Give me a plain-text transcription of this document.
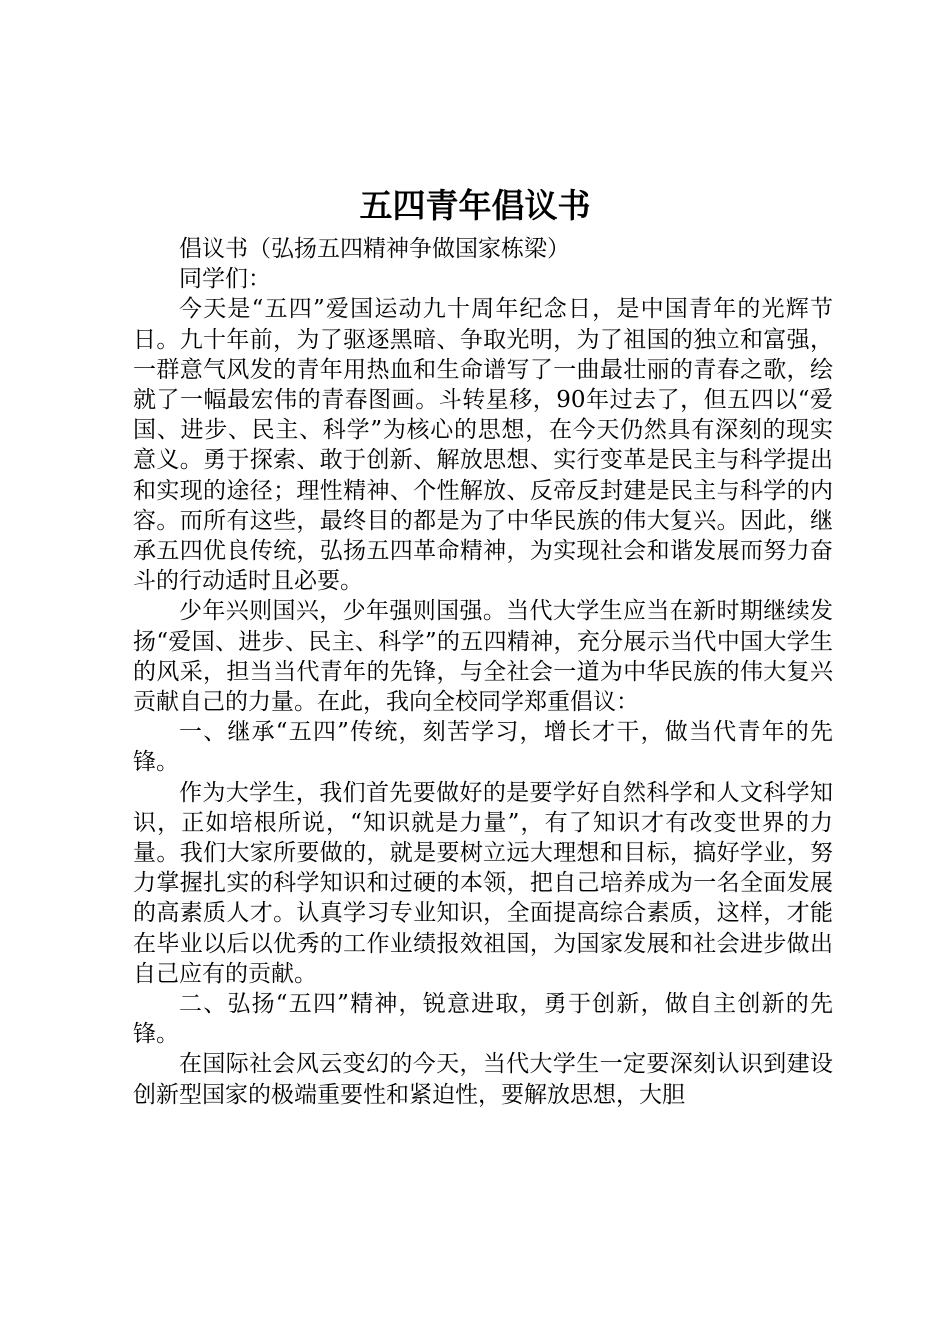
五四青年倡议书

倡议书（弘扬五四精神争做国家栋梁）

同学们：

今天是“五四”爱国运动九十周年纪念日，是中国青年的光辉节日。九十年前，为了驱逐黑暗、争取光明，为了祖国的独立和富强，一群意气风发的青年用热血和生命谱写了一曲最壮丽的青春之歌，绘就了一幅最宏伟的青春图画。斗转星移，90年过去了，但五四以“爱国、进步、民主、科学”为核心的思想，在今天仍然具有深刻的现实意义。勇于探索、敢于创新、解放思想、实行变革是民主与科学提出和实现的途径；理性精神、个性解放、反帝反封建是民主与科学的内容。而所有这些，最终目的都是为了中华民族的伟大复兴。因此，继承五四优良传统，弘扬五四革命精神，为实现社会和谐发展而努力奋斗的行动适时且必要。

少年兴则国兴，少年强则国强。当代大学生应当在新时期继续发扬“爱国、进步、民主、科学”的五四精神，充分展示当代中国大学生的风采，担当当代青年的先锋，与全社会一道为中华民族的伟大复兴贡献自己的力量。在此，我向全校同学郑重倡议：

一、继承“五四”传统，刻苦学习，增长才干，做当代青年的先锋。

作为大学生，我们首先要做好的是要学好自然科学和人文科学知识，正如培根所说，“知识就是力量”，有了知识才有改变世界的力量。我们大家所要做的，就是要树立远大理想和目标，搞好学业，努力掌握扎实的科学知识和过硬的本领，把自己培养成为一名全面发展的高素质人才。认真学习专业知识，全面提高综合素质，这样，才能在毕业以后以优秀的工作业绩报效祖国，为国家发展和社会进步做出自己应有的贡献。

二、弘扬“五四”精神，锐意进取，勇于创新，做自主创新的先锋。

在国际社会风云变幻的今天，当代大学生一定要深刻认识到建设创新型国家的极端重要性和紧迫性，要解放思想，大胆
